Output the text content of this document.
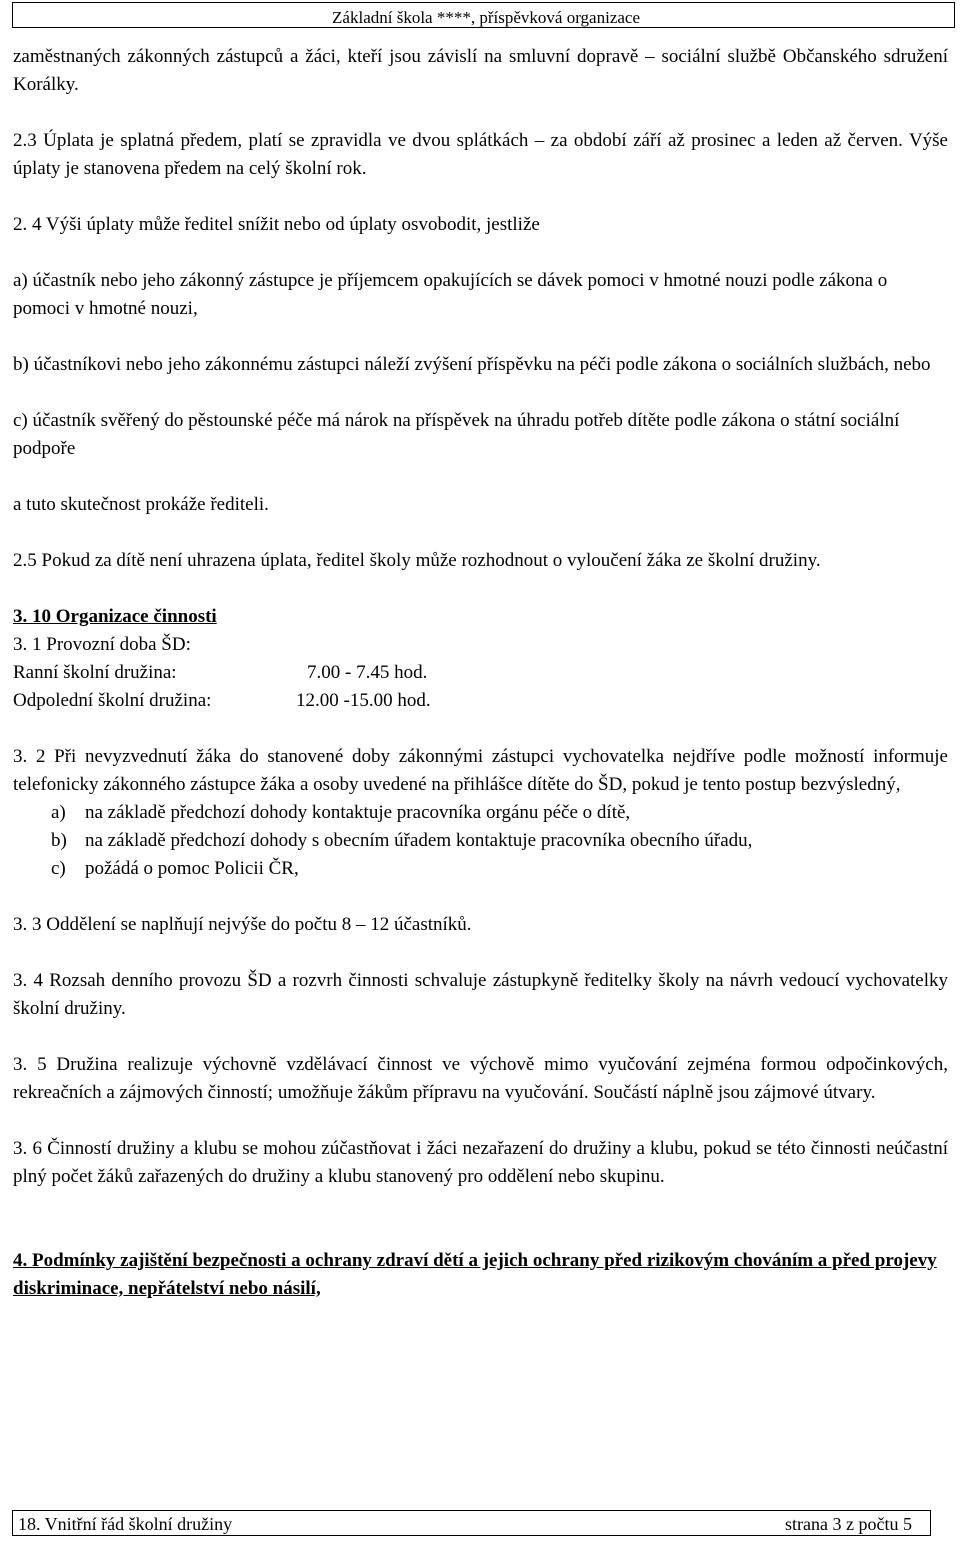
Základní škola ****, příspěvková organizace

zaměstnaných zákonných zástupců a žáci, kteří jsou závislí na smluvní dopravě – sociální službě Občanského sdružení Korálky.

2.3 Úplata je splatná předem, platí se zpravidla ve dvou splátkách – za období září až prosinec a leden až červen. Výše úplaty je stanovena předem na celý školní rok.

2. 4 Výši úplaty může ředitel snížit nebo od úplaty osvobodit, jestliže

a) účastník nebo jeho zákonný zástupce je příjemcem opakujících se dávek pomoci v hmotné nouzi podle zákona o pomoci v hmotné nouzi,

b) účastníkovi nebo jeho zákonnému zástupci náleží zvýšení příspěvku na péči podle zákona o sociálních službách, nebo

c) účastník svěřený do pěstounské péče má nárok na příspěvek na úhradu potřeb dítěte podle zákona o státní sociální podpoře

a tuto skutečnost prokáže řediteli.

2.5 Pokud za dítě není uhrazena úplata, ředitel školy může rozhodnout o vyloučení žáka ze školní družiny.

3. 10 Organizace činnosti

3. 1 Provozní doba ŠD:

Ranní školní družina:	7.00 - 7.45 hod.
Odpolední školní družina:	12.00 -15.00 hod.

3. 2 Při nevyzvednutí žáka do stanovené doby zákonnými zástupci vychovatelka nejdříve podle možností informuje telefonicky zákonného zástupce žáka a osoby uvedené na přihlášce dítěte do ŠD, pokud je tento postup bezvýsledný,

a)	na základě předchozí dohody kontaktuje pracovníka orgánu péče o dítě,
b) na základě předchozí dohody s obecním úřadem kontaktuje pracovníka obecního úřadu,
c)	požádá o pomoc Policii ČR,

3. 3 Oddělení se naplňují nejvýše do počtu 8 – 12 účastníků.

3. 4 Rozsah denního provozu ŠD a rozvrh činnosti schvaluje zástupkyně ředitelky školy na návrh vedoucí vychovatelky školní družiny.

3. 5 Družina realizuje výchovně vzdělávací činnost ve výchově mimo vyučování zejména formou odpočinkových, rekreačních a zájmových činností; umožňuje žákům přípravu na vyučování. Součástí náplně jsou zájmové útvary.

3. 6 Činností družiny a klubu se mohou zúčastňovat i žáci nezařazení do družiny a klubu, pokud se této činnosti neúčastní plný počet žáků zařazených do družiny a klubu stanovený pro oddělení nebo skupinu.

4. Podmínky zajištění bezpečnosti a ochrany zdraví dětí a jejich ochrany před rizikovým chováním a před projevy diskriminace, nepřátelství nebo násilí,

18. Vnitřní řád školní družiny	strana 3 z počtu 5
